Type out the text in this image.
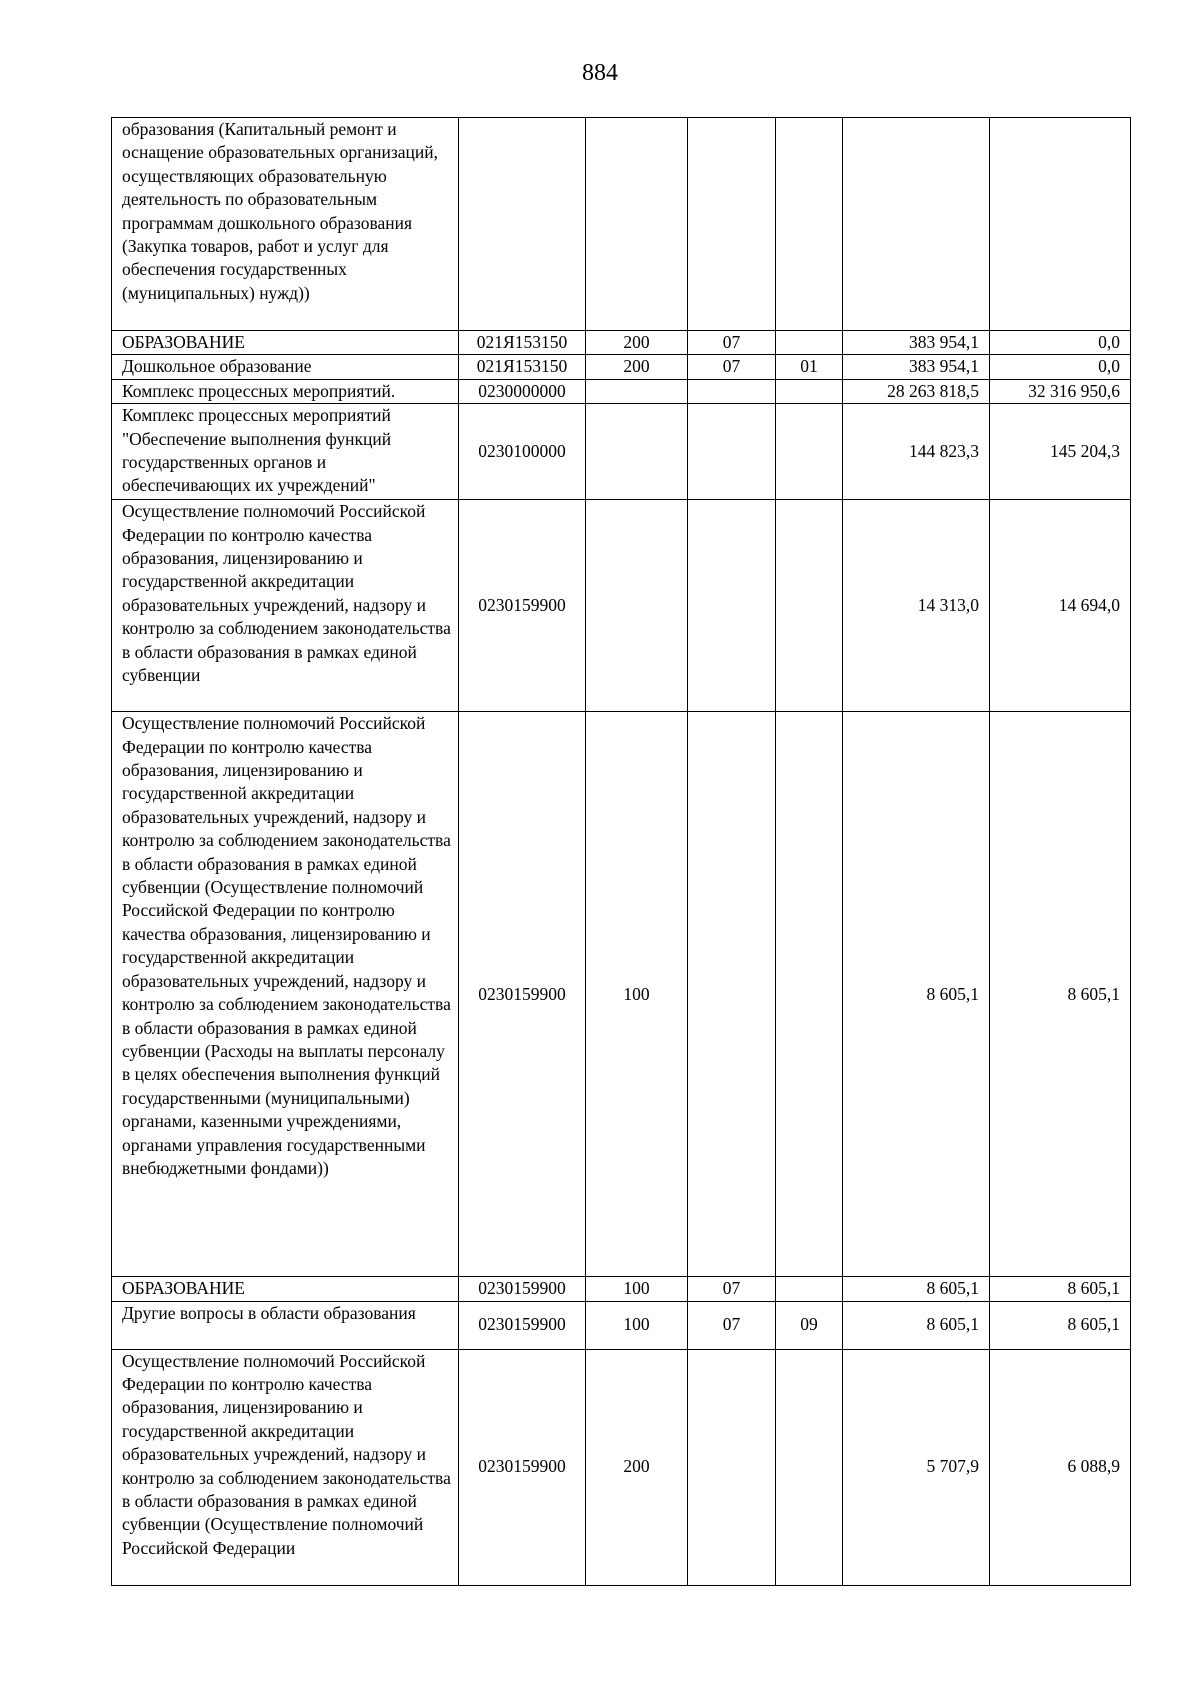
884
образования (Капитальный ремонт и оснащение образовательных организаций, осуществляющих образовательную деятельность по образовательным программам дошкольного образования (Закупка товаров, работ и услуг для обеспечения государственных (муниципальных) нужд))						
ОБРАЗОВАНИЕ	021Я153150	200	07		383 954,1	0,0
Дошкольное образование	021Я153150	200	07	01	383 954,1	0,0
Комплекс процессных мероприятий.	0230000000				28 263 818,5	32 316 950,6
Комплекс процессных мероприятий "Обеспечение выполнения функций государственных органов и обеспечивающих их учреждений"	0230100000				144 823,3	145 204,3
Осуществление полномочий Российской Федерации по контролю качества образования, лицензированию и государственной аккредитации образовательных учреждений, надзору и контролю за соблюдением законодательства в области образования в рамках единой субвенции	0230159900				14 313,0	14 694,0
Осуществление полномочий Российской Федерации по контролю качества образования, лицензированию и государственной аккредитации образовательных учреждений, надзору и контролю за соблюдением законодательства в области образования в рамках единой субвенции (Осуществление полномочий Российской Федерации по контролю качества образования, лицензированию и государственной аккредитации образовательных учреждений, надзору и контролю за соблюдением законодательства в области образования в рамках единой субвенции (Расходы на выплаты персоналу в целях обеспечения выполнения функций государственными (муниципальными) органами, казенными учреждениями, органами управления государственными внебюджетными фондами))	0230159900	100			8 605,1	8 605,1
ОБРАЗОВАНИЕ	0230159900	100	07		8 605,1	8 605,1
Другие вопросы в области образования	0230159900	100	07	09	8 605,1	8 605,1
Осуществление полномочий Российской Федерации по контролю качества образования, лицензированию и государственной аккредитации образовательных учреждений, надзору и контролю за соблюдением законодательства в области образования в рамках единой субвенции (Осуществление полномочий Российской Федерации	0230159900	200			5 707,9	6 088,9
